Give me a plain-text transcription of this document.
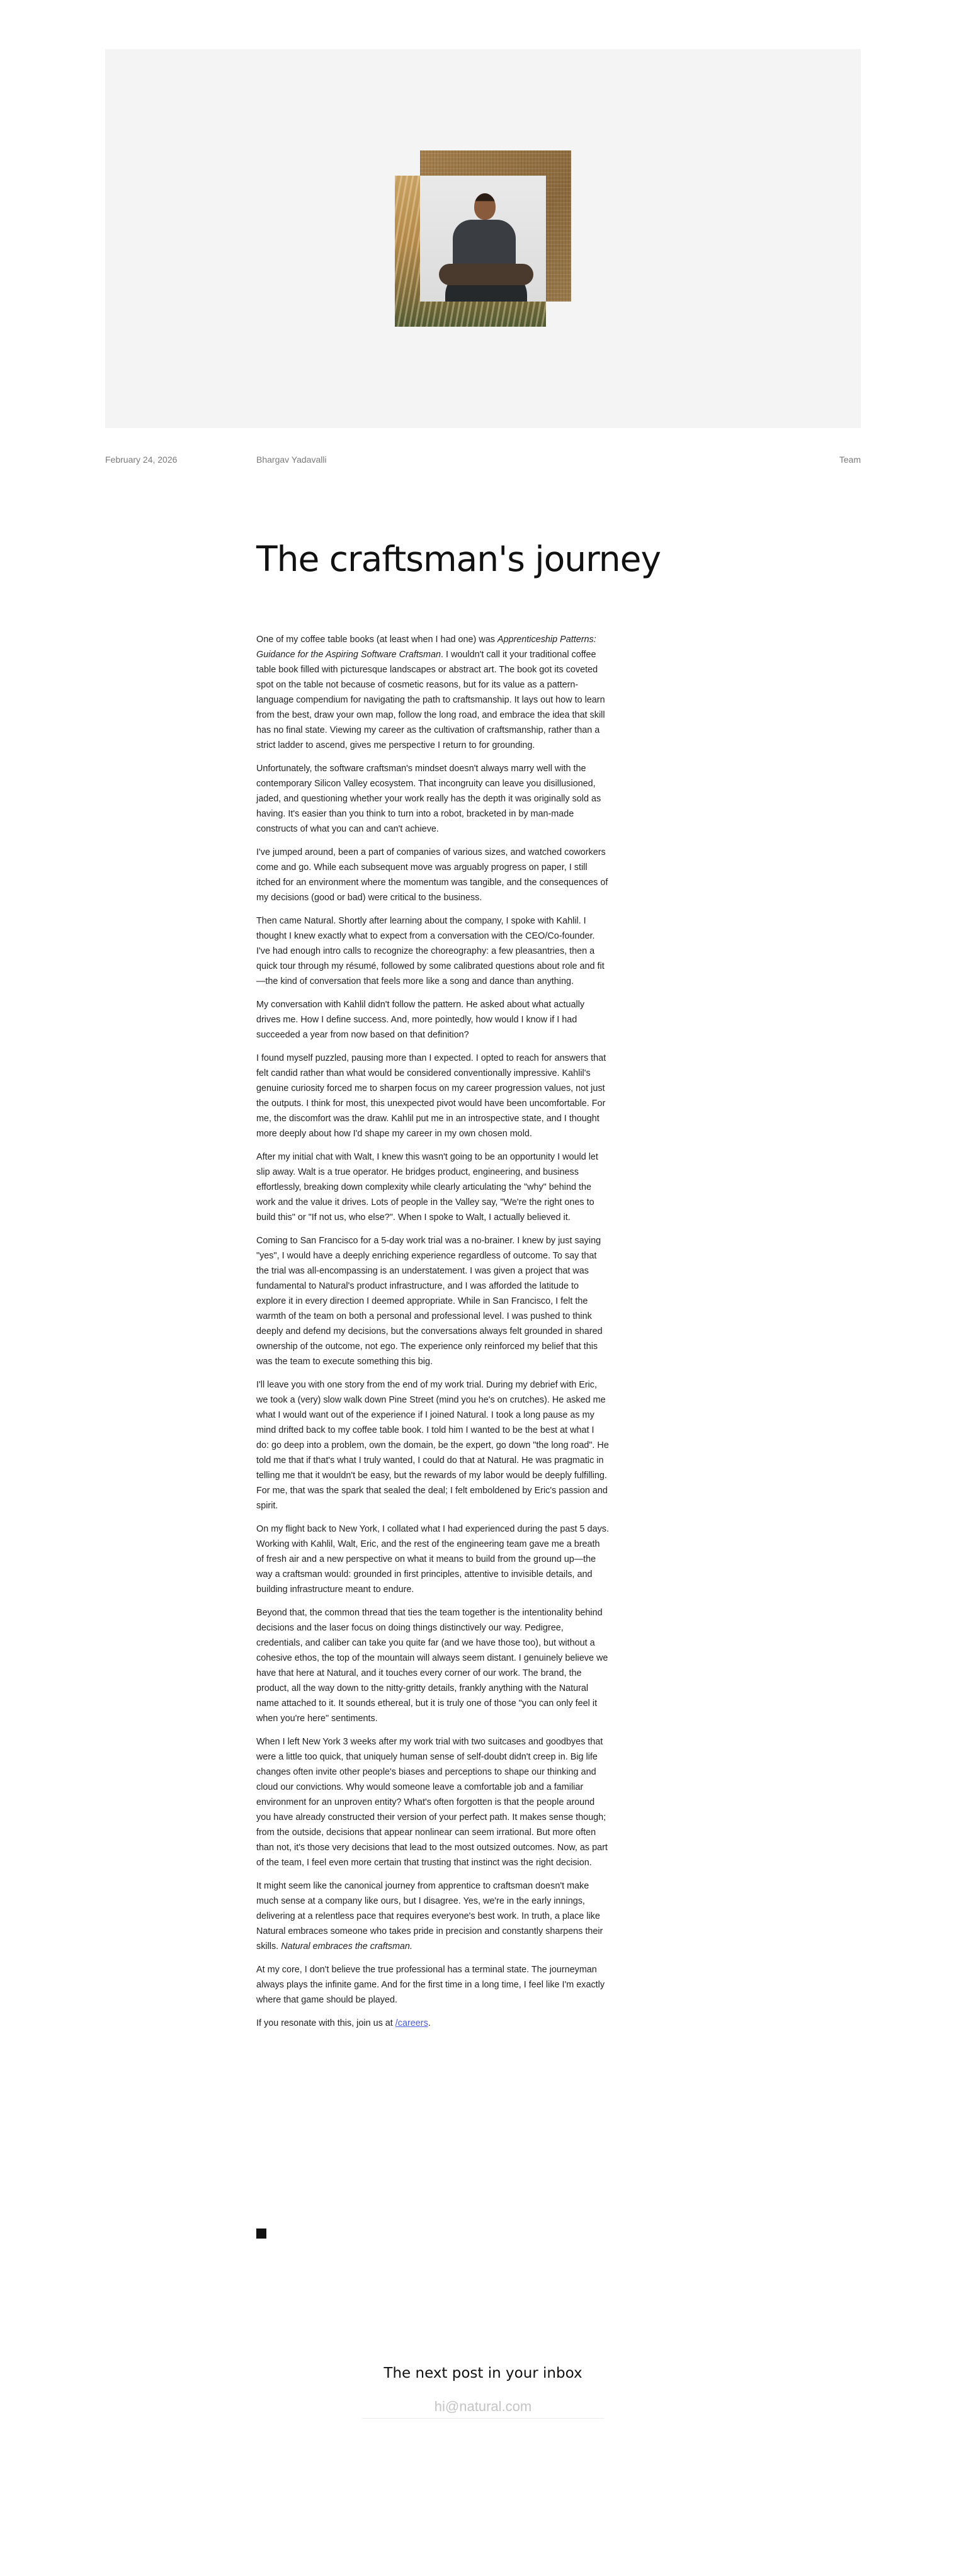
February 24, 2026	Bhargav Yadavalli	Team
The craftsman's journey

One of my coffee table books (at least when I had one) was Apprenticeship Patterns: Guidance for the Aspiring Software Craftsman. I wouldn't call it your traditional coffee table book filled with picturesque landscapes or abstract art. The book got its coveted spot on the table not because of cosmetic reasons, but for its value as a pattern-language compendium for navigating the path to craftsmanship. It lays out how to learn from the best, draw your own map, follow the long road, and embrace the idea that skill has no final state. Viewing my career as the cultivation of craftsmanship, rather than a strict ladder to ascend, gives me perspective I return to for grounding.

Unfortunately, the software craftsman's mindset doesn't always marry well with the contemporary Silicon Valley ecosystem. That incongruity can leave you disillusioned, jaded, and questioning whether your work really has the depth it was originally sold as having. It's easier than you think to turn into a robot, bracketed in by man-made constructs of what you can and can't achieve.

I've jumped around, been a part of companies of various sizes, and watched coworkers come and go. While each subsequent move was arguably progress on paper, I still itched for an environment where the momentum was tangible, and the consequences of my decisions (good or bad) were critical to the business.

Then came Natural. Shortly after learning about the company, I spoke with Kahlil. I thought I knew exactly what to expect from a conversation with the CEO/Co-founder. I've had enough intro calls to recognize the choreography: a few pleasantries, then a quick tour through my résumé, followed by some calibrated questions about role and fit—the kind of conversation that feels more like a song and dance than anything.

My conversation with Kahlil didn't follow the pattern. He asked about what actually drives me. How I define success. And, more pointedly, how would I know if I had succeeded a year from now based on that definition?

I found myself puzzled, pausing more than I expected. I opted to reach for answers that felt candid rather than what would be considered conventionally impressive. Kahlil's genuine curiosity forced me to sharpen focus on my career progression values, not just the outputs. I think for most, this unexpected pivot would have been uncomfortable. For me, the discomfort was the draw. Kahlil put me in an introspective state, and I thought more deeply about how I'd shape my career in my own chosen mold.

After my initial chat with Walt, I knew this wasn't going to be an opportunity I would let slip away. Walt is a true operator. He bridges product, engineering, and business effortlessly, breaking down complexity while clearly articulating the "why" behind the work and the value it drives. Lots of people in the Valley say, "We're the right ones to build this" or "If not us, who else?". When I spoke to Walt, I actually believed it.

Coming to San Francisco for a 5-day work trial was a no-brainer. I knew by just saying "yes", I would have a deeply enriching experience regardless of outcome. To say that the trial was all-encompassing is an understatement. I was given a project that was fundamental to Natural's product infrastructure, and I was afforded the latitude to explore it in every direction I deemed appropriate. While in San Francisco, I felt the warmth of the team on both a personal and professional level. I was pushed to think deeply and defend my decisions, but the conversations always felt grounded in shared ownership of the outcome, not ego. The experience only reinforced my belief that this was the team to execute something this big.

I'll leave you with one story from the end of my work trial. During my debrief with Eric, we took a (very) slow walk down Pine Street (mind you he's on crutches). He asked me what I would want out of the experience if I joined Natural. I took a long pause as my mind drifted back to my coffee table book. I told him I wanted to be the best at what I do: go deep into a problem, own the domain, be the expert, go down "the long road". He told me that if that's what I truly wanted, I could do that at Natural. He was pragmatic in telling me that it wouldn't be easy, but the rewards of my labor would be deeply fulfilling. For me, that was the spark that sealed the deal; I felt emboldened by Eric's passion and spirit.

On my flight back to New York, I collated what I had experienced during the past 5 days. Working with Kahlil, Walt, Eric, and the rest of the engineering team gave me a breath of fresh air and a new perspective on what it means to build from the ground up—the way a craftsman would: grounded in first principles, attentive to invisible details, and building infrastructure meant to endure.

Beyond that, the common thread that ties the team together is the intentionality behind decisions and the laser focus on doing things distinctively our way. Pedigree, credentials, and caliber can take you quite far (and we have those too), but without a cohesive ethos, the top of the mountain will always seem distant. I genuinely believe we have that here at Natural, and it touches every corner of our work. The brand, the product, all the way down to the nitty-gritty details, frankly anything with the Natural name attached to it. It sounds ethereal, but it is truly one of those "you can only feel it when you're here" sentiments.

When I left New York 3 weeks after my work trial with two suitcases and goodbyes that were a little too quick, that uniquely human sense of self-doubt didn't creep in. Big life changes often invite other people's biases and perceptions to shape our thinking and cloud our convictions. Why would someone leave a comfortable job and a familiar environment for an unproven entity? What's often forgotten is that the people around you have already constructed their version of your perfect path. It makes sense though; from the outside, decisions that appear nonlinear can seem irrational. But more often than not, it's those very decisions that lead to the most outsized outcomes. Now, as part of the team, I feel even more certain that trusting that instinct was the right decision.

It might seem like the canonical journey from apprentice to craftsman doesn't make much sense at a company like ours, but I disagree. Yes, we're in the early innings, delivering at a relentless pace that requires everyone's best work. In truth, a place like Natural embraces someone who takes pride in precision and constantly sharpens their skills. Natural embraces the craftsman.

At my core, I don't believe the true professional has a terminal state. The journeyman always plays the infinite game. And for the first time in a long time, I feel like I'm exactly where that game should be played.

If you resonate with this, join us at /careers.

The next post in your inbox
hi@natural.com
